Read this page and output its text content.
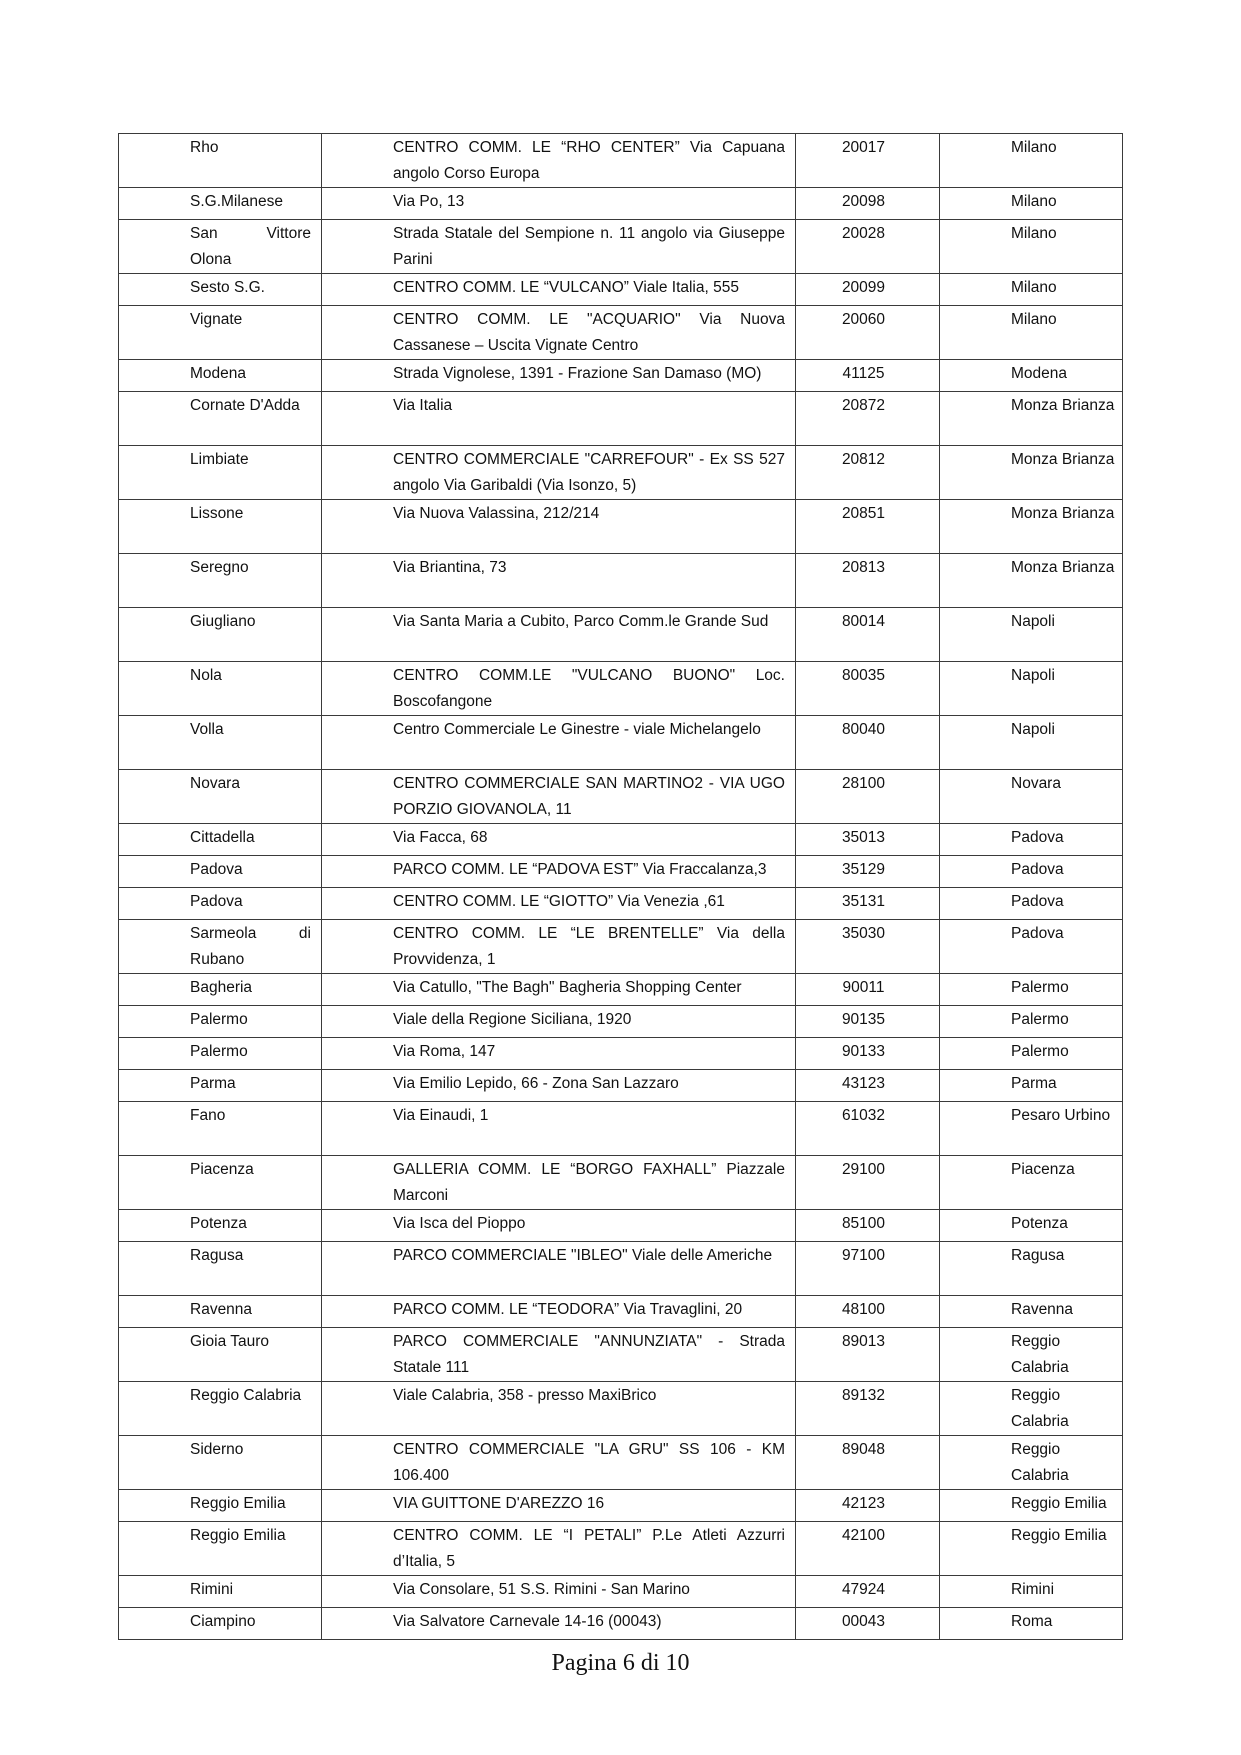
Rho	CENTRO COMM. LE “RHO CENTER” Via Capuana angolo Corso Europa	20017	Milano
S.G.Milanese	Via Po, 13	20098	Milano
San Vittore Olona	Strada Statale del Sempione n. 11 angolo via Giuseppe Parini	20028	Milano
Sesto S.G.	CENTRO COMM. LE “VULCANO” Viale Italia, 555	20099	Milano
Vignate	CENTRO COMM. LE "ACQUARIO" Via Nuova Cassanese – Uscita Vignate Centro	20060	Milano
Modena	Strada Vignolese, 1391 - Frazione San Damaso (MO)	41125	Modena
Cornate D'Adda	Via Italia	20872	Monza Brianza
Limbiate	CENTRO COMMERCIALE "CARREFOUR" - Ex SS 527 angolo Via Garibaldi (Via Isonzo, 5)	20812	Monza Brianza
Lissone	Via Nuova Valassina, 212/214	20851	Monza Brianza
Seregno	Via Briantina, 73	20813	Monza Brianza
Giugliano	Via Santa Maria a Cubito, Parco Comm.le Grande Sud	80014	Napoli
Nola	CENTRO COMM.LE "VULCANO BUONO" Loc. Boscofangone	80035	Napoli
Volla	Centro Commerciale Le Ginestre - viale Michelangelo	80040	Napoli
Novara	CENTRO COMMERCIALE SAN MARTINO2 - VIA UGO PORZIO GIOVANOLA, 11	28100	Novara
Cittadella	Via Facca, 68	35013	Padova
Padova	PARCO COMM. LE “PADOVA EST” Via Fraccalanza,3	35129	Padova
Padova	CENTRO COMM. LE “GIOTTO” Via Venezia ,61	35131	Padova
Sarmeola di Rubano	CENTRO COMM. LE “LE BRENTELLE” Via della Provvidenza, 1	35030	Padova
Bagheria	Via Catullo, "The Bagh" Bagheria Shopping Center	90011	Palermo
Palermo	Viale della Regione Siciliana, 1920	90135	Palermo
Palermo	Via Roma, 147	90133	Palermo
Parma	Via Emilio Lepido, 66 - Zona San Lazzaro	43123	Parma
Fano	Via Einaudi, 1	61032	Pesaro Urbino
Piacenza	GALLERIA COMM. LE “BORGO FAXHALL” Piazzale Marconi	29100	Piacenza
Potenza	Via Isca del Pioppo	85100	Potenza
Ragusa	PARCO COMMERCIALE "IBLEO" Viale delle Americhe	97100	Ragusa
Ravenna	PARCO COMM. LE “TEODORA” Via Travaglini, 20	48100	Ravenna
Gioia Tauro	PARCO COMMERCIALE "ANNUNZIATA" - Strada Statale 111	89013	Reggio Calabria
Reggio Calabria	Viale Calabria, 358 - presso MaxiBrico	89132	Reggio Calabria
Siderno	CENTRO COMMERCIALE "LA GRU" SS 106 - KM 106.400	89048	Reggio Calabria
Reggio Emilia	VIA GUITTONE D'AREZZO 16	42123	Reggio Emilia
Reggio Emilia	CENTRO COMM. LE “I PETALI” P.Le Atleti Azzurri d’Italia, 5	42100	Reggio Emilia
Rimini	Via Consolare, 51 S.S. Rimini - San Marino	47924	Rimini
Ciampino	Via Salvatore Carnevale 14-16 (00043)	00043	Roma
Pagina 6 di 10
